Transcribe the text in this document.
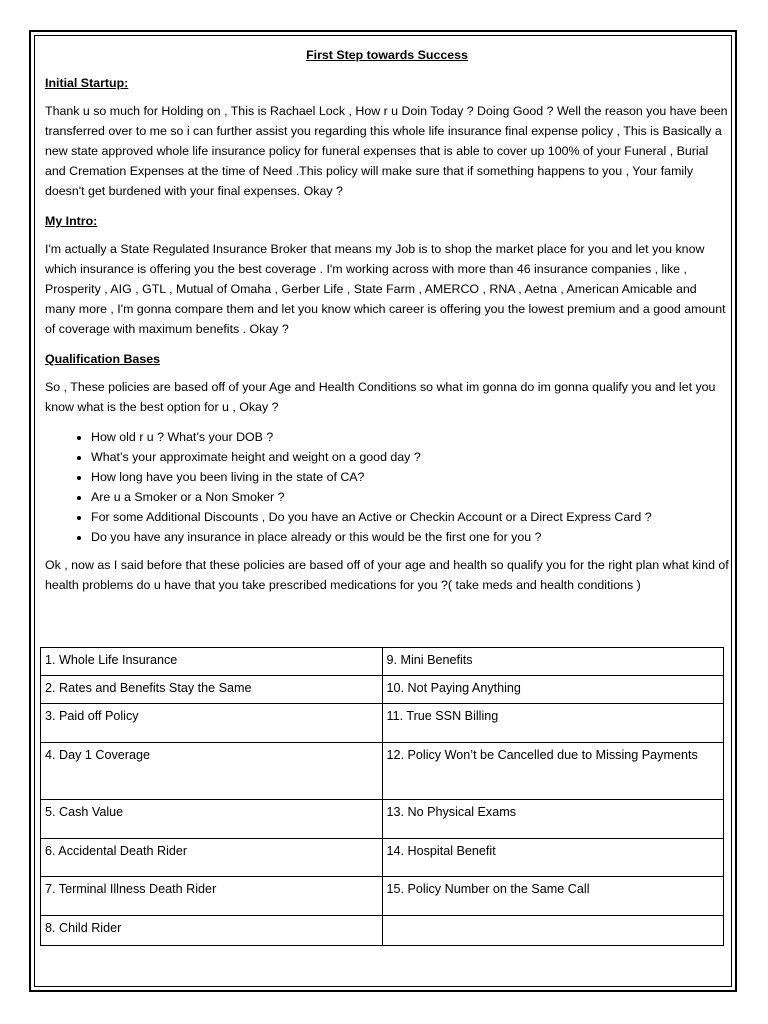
First Step towards Success

Initial Startup:

Thank u so much for Holding on , This is Rachael Lock , How r u Doin Today ? Doing Good ? Well the reason you have been transferred over to me so i can further assist you regarding this whole life insurance final expense policy , This is Basically a new state approved whole life insurance policy for funeral expenses that is able to cover up 100% of your Funeral , Burial and Cremation Expenses at the time of Need .This policy will make sure that if something happens to you , Your family doesn't get burdened with your final expenses. Okay ?

My Intro:

I'm actually a State Regulated Insurance Broker that means my Job is to shop the market place for you and let you know which insurance is offering you the best coverage . I'm working across with more than 46 insurance companies , like , Prosperity , AIG , GTL , Mutual of Omaha , Gerber Life , State Farm , AMERCO , RNA , Aetna , American Amicable and many more , I'm gonna compare them and let you know which career is offering you the lowest premium and a good amount of coverage with maximum benefits . Okay ?

Qualification Bases

So , These policies are based off of your Age and Health Conditions so what im gonna do im gonna qualify you and let you know what is the best option for u , Okay ?

• How old r u ? What’s your DOB ?
• What’s your approximate height and weight on a good day ?
• How long have you been living in the state of CA?
• Are u a Smoker or a Non Smoker ?
• For some Additional Discounts , Do you have an Active or Checkin Account or a Direct Express Card ?
• Do you have any insurance in place already or this would be the first one for you ?

Ok , now as I said before that these policies are based off of your age and health so qualify you for the right plan what kind of health problems do u have that you take prescribed medications for you ?( take meds and health conditions )

1. Whole Life Insurance	9. Mini Benefits
2. Rates and Benefits Stay the Same	10. Not Paying Anything
3. Paid off Policy	11. True SSN Billing
4. Day 1 Coverage	12. Policy Won’t be Cancelled due to Missing Payments
5. Cash Value	13. No Physical Exams
6. Accidental Death Rider	14. Hospital Benefit
7. Terminal Illness Death Rider	15. Policy Number on the Same Call
8. Child Rider	
